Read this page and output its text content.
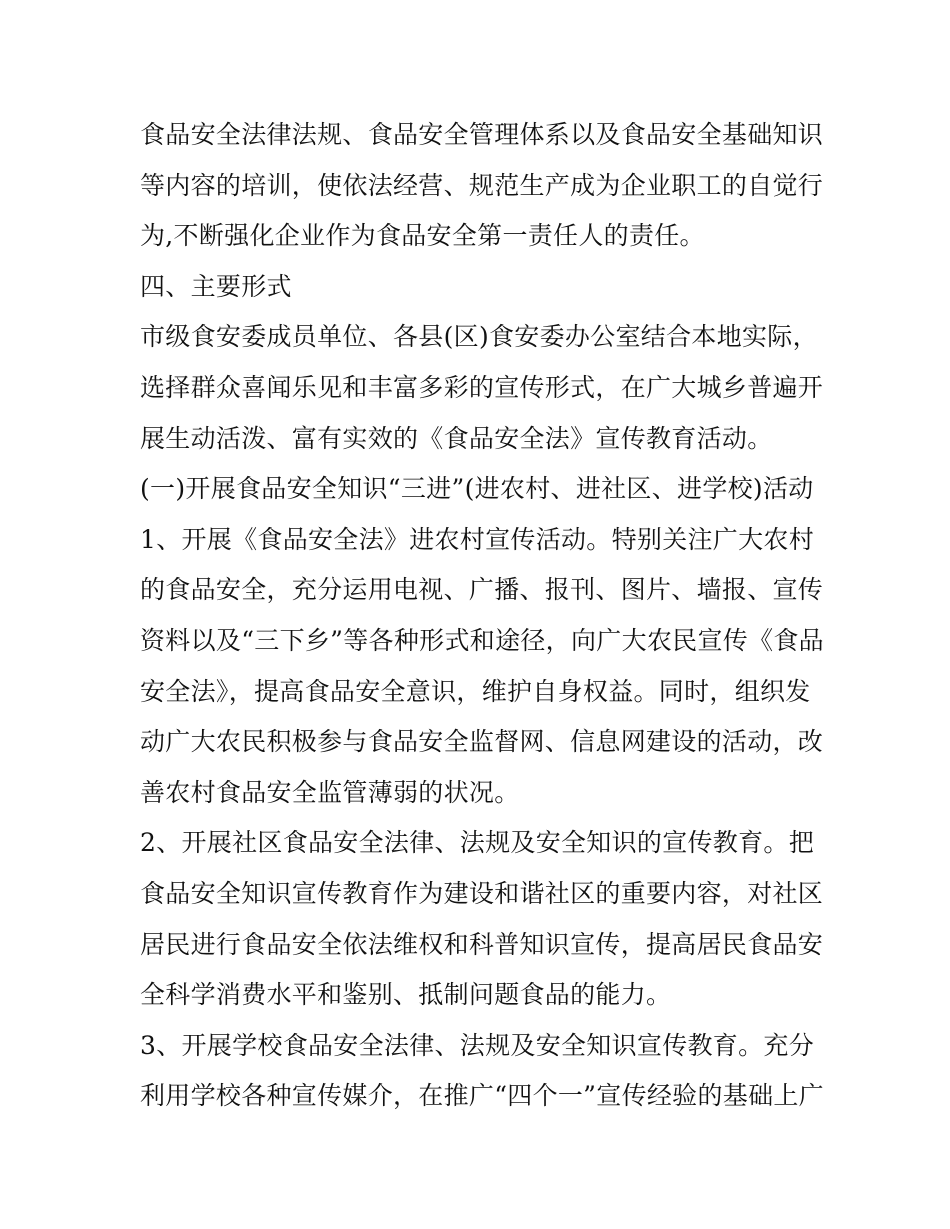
食品安全法律法规、食品安全管理体系以及食品安全基础知识
等内容的培训，使依法经营、规范生产成为企业职工的自觉行
为,不断强化企业作为食品安全第一责任人的责任。
四、主要形式
市级食安委成员单位、各县(区)食安委办公室结合本地实际，
选择群众喜闻乐见和丰富多彩的宣传形式，在广大城乡普遍开
展生动活泼、富有实效的《食品安全法》宣传教育活动。
(一)开展食品安全知识“三进”(进农村、进社区、进学校)活动
1、开展《食品安全法》进农村宣传活动。特别关注广大农村
的食品安全，充分运用电视、广播、报刊、图片、墙报、宣传
资料以及“三下乡”等各种形式和途径，向广大农民宣传《食品
安全法》，提高食品安全意识，维护自身权益。同时，组织发
动广大农民积极参与食品安全监督网、信息网建设的活动，改
善农村食品安全监管薄弱的状况。
2、开展社区食品安全法律、法规及安全知识的宣传教育。把
食品安全知识宣传教育作为建设和谐社区的重要内容，对社区
居民进行食品安全依法维权和科普知识宣传，提高居民食品安
全科学消费水平和鉴别、抵制问题食品的能力。
3、开展学校食品安全法律、法规及安全知识宣传教育。充分
利用学校各种宣传媒介，在推广“四个一”宣传经验的基础上广
